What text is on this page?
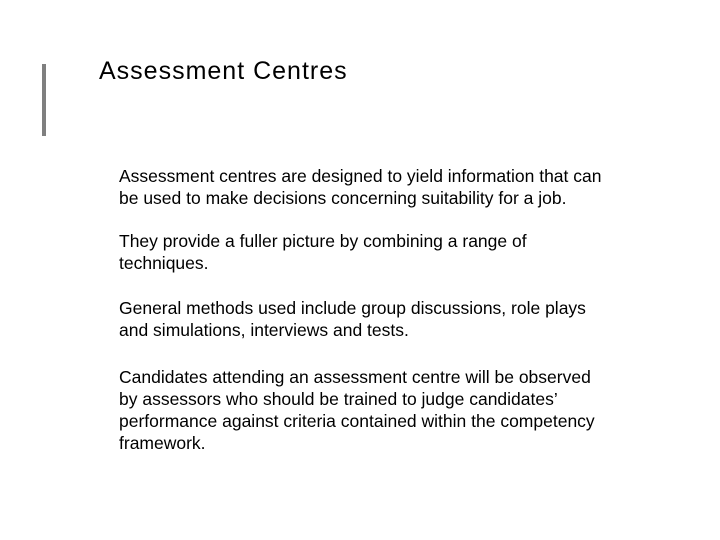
Assessment Centres

Assessment centres are designed to yield information that can be used to make decisions concerning suitability for a job.

They provide a fuller picture by combining a range of techniques.

General methods used include group discussions, role plays and simulations, interviews and tests.

Candidates attending an assessment centre will be observed by assessors who should be trained to judge candidates’ performance against criteria contained within the competency framework.
